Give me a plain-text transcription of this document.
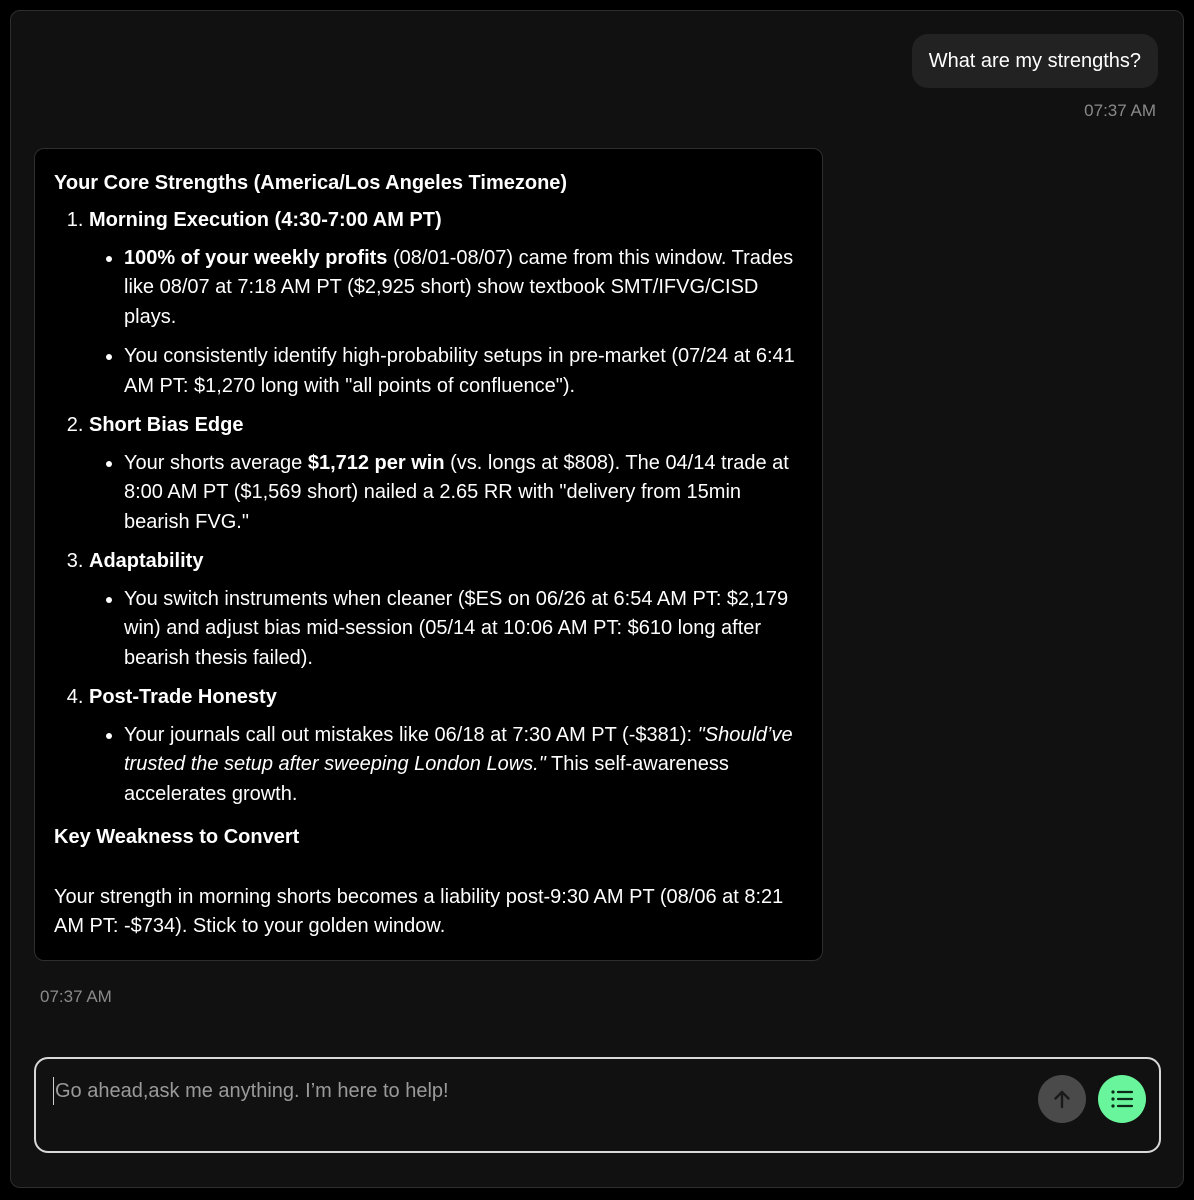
What are my strengths?
07:37 AM
Your Core Strengths (America/Los Angeles Timezone)
1. Morning Execution (4:30-7:00 AM PT)
• 100% of your weekly profits (08/01-08/07) came from this window. Trades like 08/07 at 7:18 AM PT ($2,925 short) show textbook SMT/IFVG/CISD plays.
• You consistently identify high-probability setups in pre-market (07/24 at 6:41 AM PT: $1,270 long with "all points of confluence").
2. Short Bias Edge
• Your shorts average $1,712 per win (vs. longs at $808). The 04/14 trade at 8:00 AM PT ($1,569 short) nailed a 2.65 RR with "delivery from 15min bearish FVG."
3. Adaptability
• You switch instruments when cleaner ($ES on 06/26 at 6:54 AM PT: $2,179 win) and adjust bias mid-session (05/14 at 10:06 AM PT: $610 long after bearish thesis failed).
4. Post-Trade Honesty
• Your journals call out mistakes like 06/18 at 7:30 AM PT (-$381): "Should’ve trusted the setup after sweeping London Lows." This self-awareness accelerates growth.
Key Weakness to Convert
Your strength in morning shorts becomes a liability post-9:30 AM PT (08/06 at 8:21 AM PT: -$734). Stick to your golden window.
07:37 AM
Go ahead,ask me anything. I’m here to help!
